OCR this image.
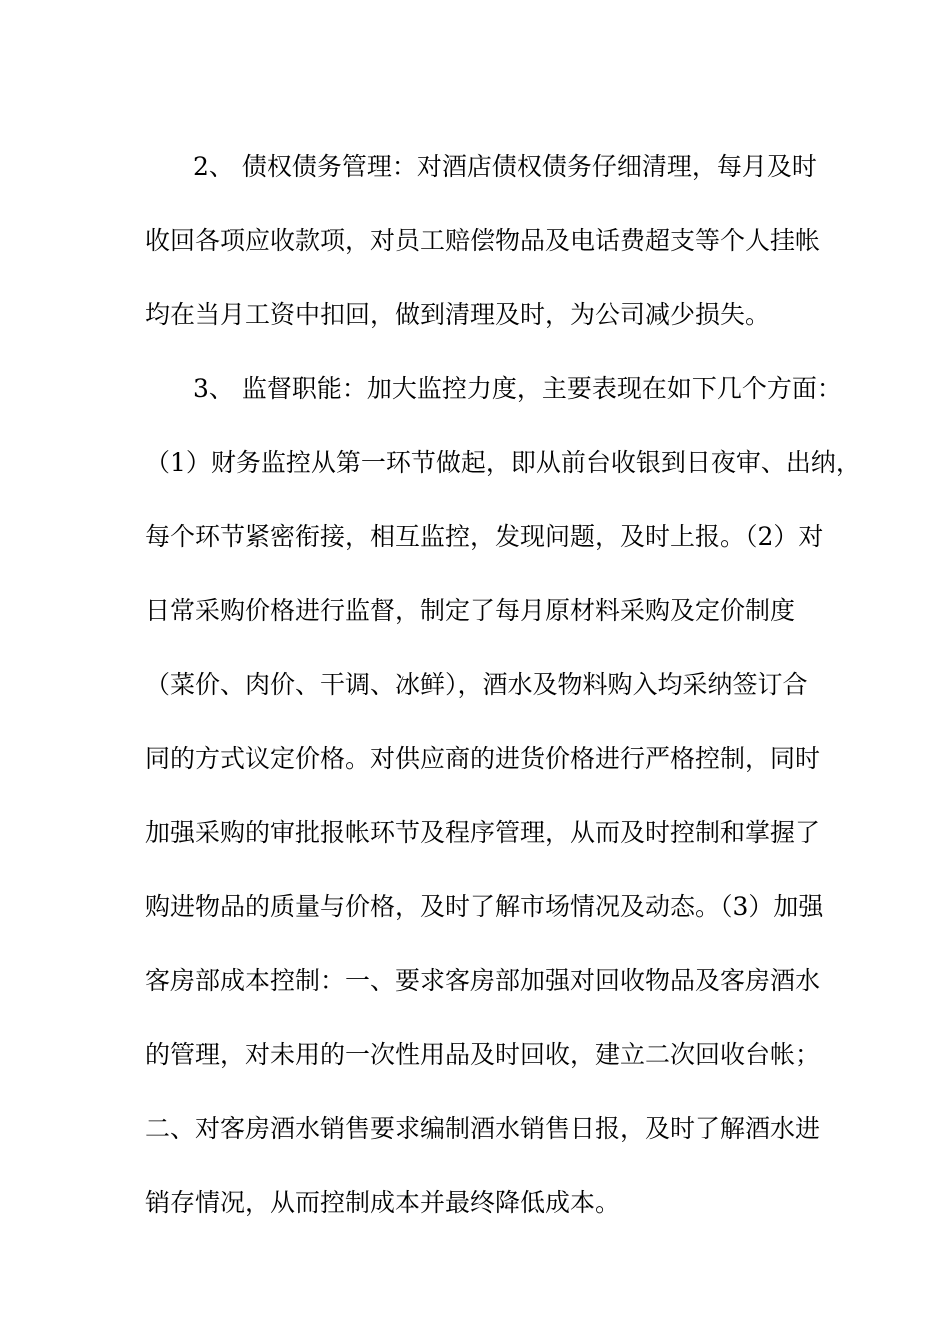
2、 债权债务管理：对酒店债权债务仔细清理，每月及时
收回各项应收款项，对员工赔偿物品及电话费超支等个人挂帐
均在当月工资中扣回，做到清理及时，为公司减少损失。
3、 监督职能：加大监控力度，主要表现在如下几个方面：
（1）财务监控从第一环节做起，即从前台收银到日夜审、出纳，
每个环节紧密衔接，相互监控，发现问题，及时上报。（2）对
日常采购价格进行监督，制定了每月原材料采购及定价制度
（菜价、肉价、干调、冰鲜），酒水及物料购入均采纳签订合
同的方式议定价格。对供应商的进货价格进行严格控制，同时
加强采购的审批报帐环节及程序管理，从而及时控制和掌握了
购进物品的质量与价格，及时了解市场情况及动态。（3）加强
客房部成本控制：一、要求客房部加强对回收物品及客房酒水
的管理，对未用的一次性用品及时回收，建立二次回收台帐；
二、对客房酒水销售要求编制酒水销售日报，及时了解酒水进
销存情况，从而控制成本并最终降低成本。
